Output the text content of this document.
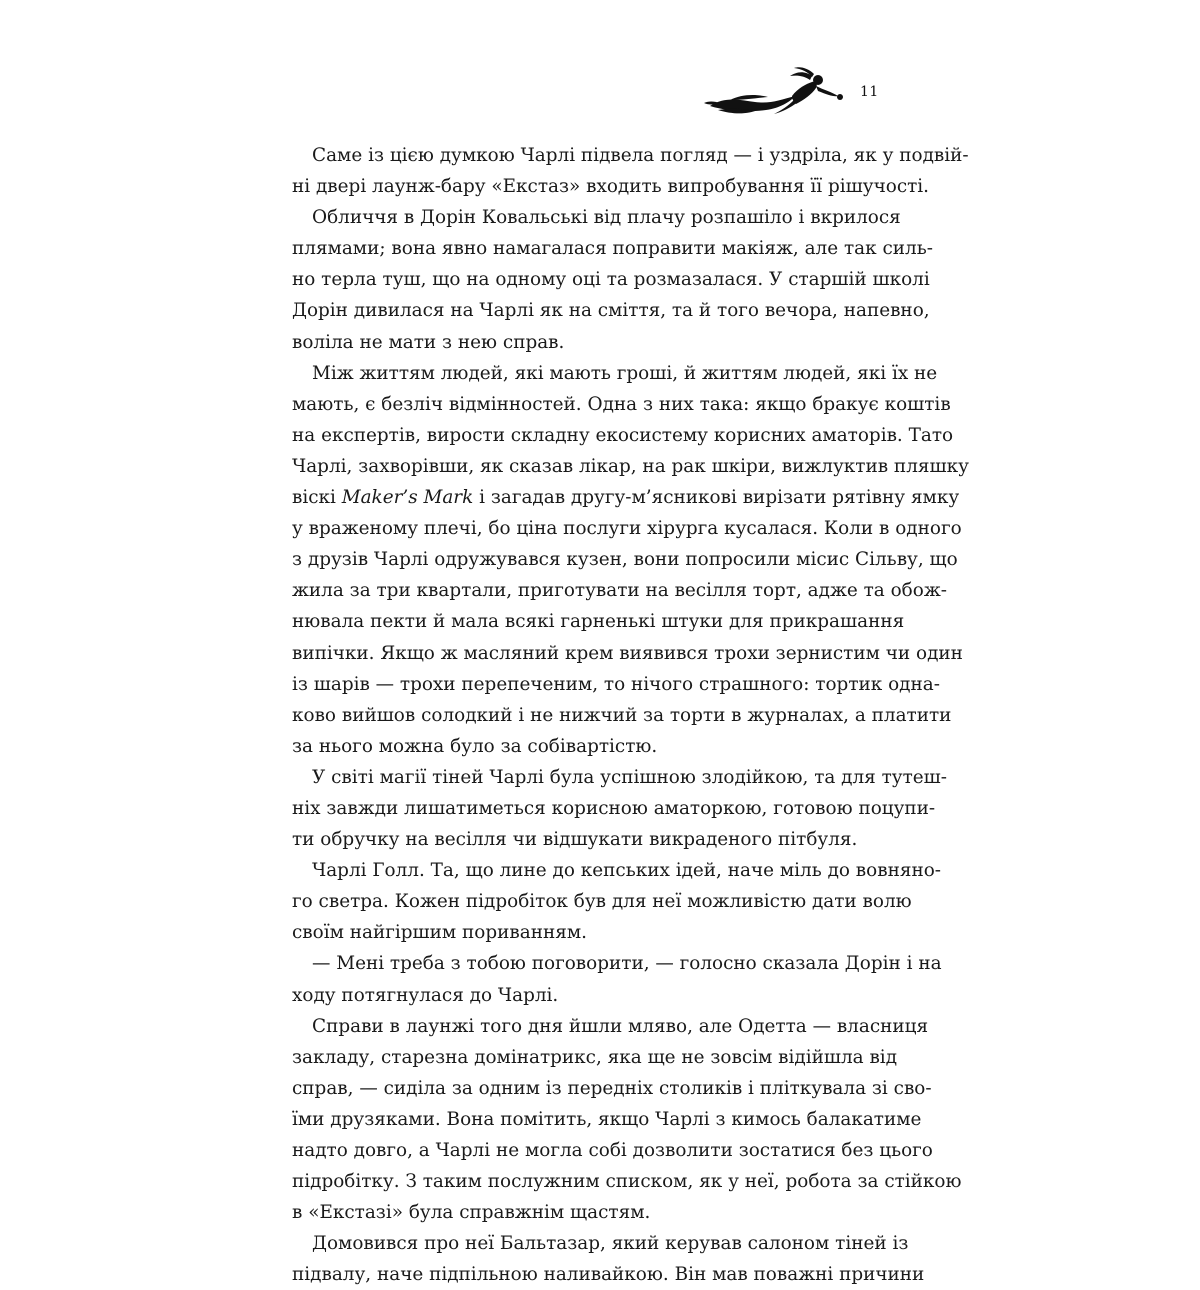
11
Саме із цією думкою Чарлі підвела погляд — і уздріла, як у подвій-
ні двері лаунж-бару «Екстаз» входить випробування її рішучості.
Обличчя в Дорін Ковальські від плачу розпашіло і вкрилося
плямами; вона явно намагалася поправити макіяж, але так силь-
но терла туш, що на одному оці та розмазалася. У старшій школі
Дорін дивилася на Чарлі як на сміття, та й того вечора, напевно,
воліла не мати з нею справ.
Між життям людей, які мають гроші, й життям людей, які їх не
мають, є безліч відмінностей. Одна з них така: якщо бракує коштів
на експертів, вирости складну екосистему корисних аматорів. Тато
Чарлі, захворівши, як сказав лікар, на рак шкіри, вижлуктив пляшку
віскі Maker’s Mark і загадав другу-м’ясникові вирізати рятівну ямку
у враженому плечі, бо ціна послуги хірурга кусалася. Коли в одного
з друзів Чарлі одружувався кузен, вони попросили місис Сільву, що
жила за три квартали, приготувати на весілля торт, адже та обож-
нювала пекти й мала всякі гарненькі штуки для прикрашання
випічки. Якщо ж масляний крем виявився трохи зернистим чи один
із шарів — трохи перепеченим, то нічого страшного: тортик одна-
ково вийшов солодкий і не нижчий за торти в журналах, а платити
за нього можна було за собівартістю.
У світі магії тіней Чарлі була успішною злодійкою, та для тутеш-
ніх завжди лишатиметься корисною аматоркою, готовою поцупи-
ти обручку на весілля чи відшукати викраденого пітбуля.
Чарлі Голл. Та, що лине до кепських ідей, наче міль до вовняно-
го светра. Кожен підробіток був для неї можливістю дати волю
своїм найгіршим пориванням.
— Мені треба з тобою поговорити, — голосно сказала Дорін і на
ходу потягнулася до Чарлі.
Справи в лаунжі того дня йшли мляво, але Одетта — власниця
закладу, старезна домінатрикс, яка ще не зовсім відійшла від
справ, — сиділа за одним із передніх столиків і пліткувала зі сво-
їми друзяками. Вона помітить, якщо Чарлі з кимось балакатиме
надто довго, а Чарлі не могла собі дозволити зостатися без цього
підробітку. З таким послужним списком, як у неї, робота за стійкою
в «Екстазі» була справжнім щастям.
Домовився про неї Бальтазар, який керував салоном тіней із
підвалу, наче підпільною наливайкою. Він мав поважні причини
